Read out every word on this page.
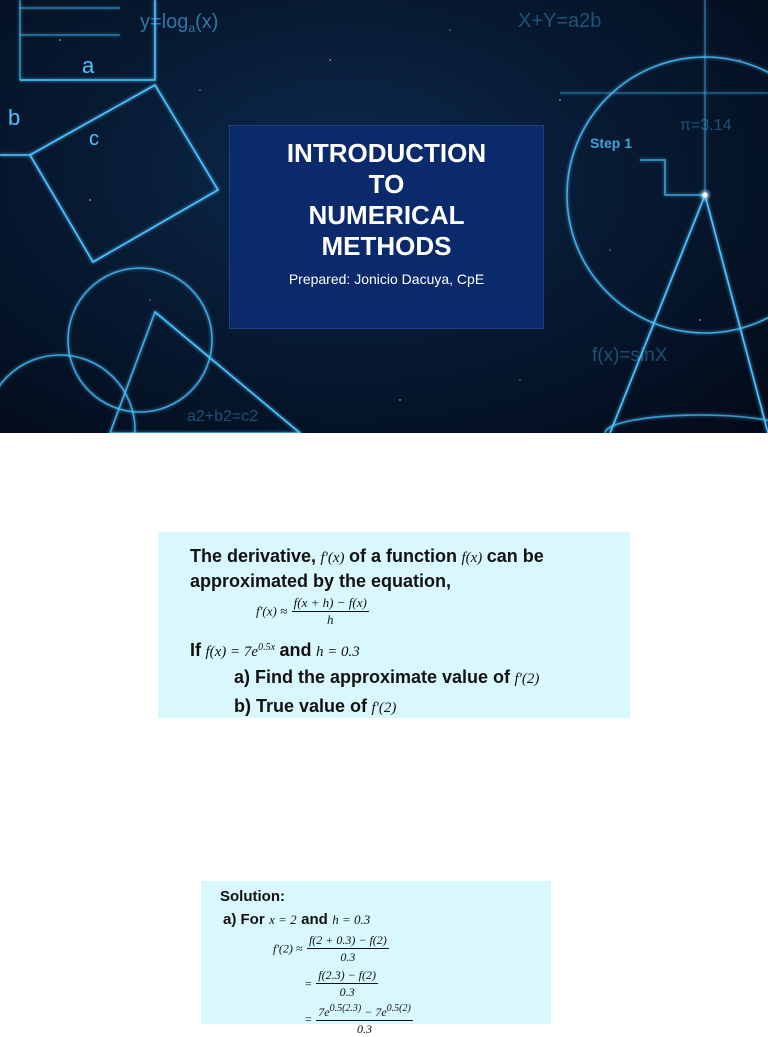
$y=\log_a(x)$
a
b
c
X+Y=a2b
Step 1
π=3.14
f(x)=sinX
a2+b2=c2
INTRODUCTION
TO
NUMERICAL
METHODS
Prepared: Jonicio Dacuya, CpE
The derivative, f'(x) of a function f(x) can be
approximated by the equation,
$f'(x) \approx \frac{f(x + h) - f(x)}{h}$
If $f(x) = 7e^{0.5x}$ and h = 0.3
a) Find the approximate value of f'(2)
b) True value of f'(2)
Solution:
a) For x = 2 and h = 0.3
$f'(2) \approx \frac{f(2 + 0.3) - f(2)}{0.3}$
= $\frac{f(2.3) - f(2)}{0.3}$
= $\frac{7e^{0.5(2.3)} - 7e^{0.5(2)}}{0.3}$
